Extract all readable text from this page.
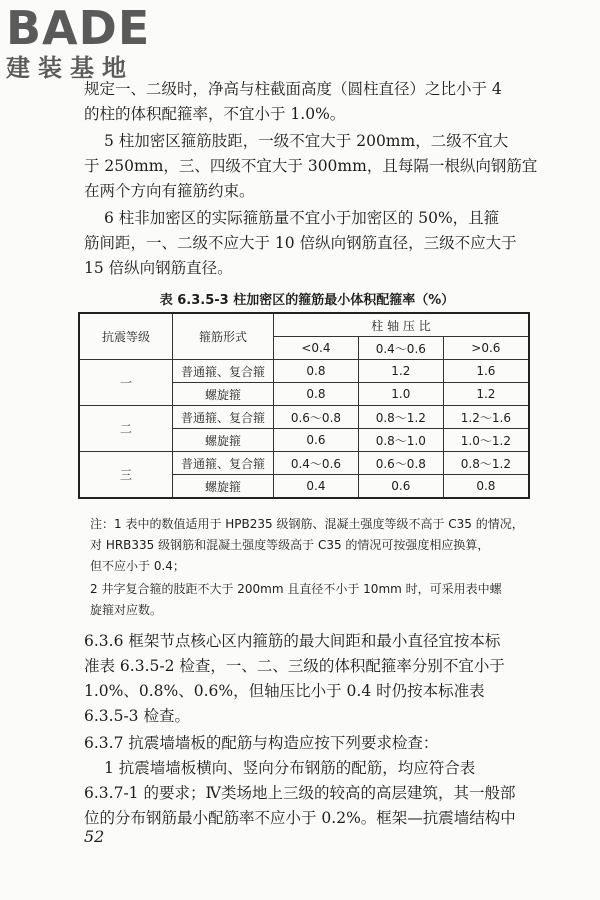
BADE
建装基地
规定一、二级时，净高与柱截面高度（圆柱直径）之比小于 4
的柱的体积配箍率，不宜小于 1.0%。
5 柱加密区箍筋肢距，一级不宜大于 200mm，二级不宜大
于 250mm，三、四级不宜大于 300mm，且每隔一根纵向钢筋宜
在两个方向有箍筋约束。
6 柱非加密区的实际箍筋量不宜小于加密区的 50%，且箍
筋间距，一、二级不应大于 10 倍纵向钢筋直径，三级不应大于
15 倍纵向钢筋直径。
表 6.3.5-3 柱加密区的箍筋最小体积配箍率（%）
抗震等级	箍筋形式	柱 轴 压 比		
		<0.4	0.4～0.6	>0.6
一	普通箍、复合箍	0.8	1.2	1.6
	螺旋箍	0.8	1.0	1.2
二	普通箍、复合箍	0.6～0.8	0.8～1.2	1.2～1.6
	螺旋箍	0.6	0.8～1.0	1.0～1.2
三	普通箍、复合箍	0.4～0.6	0.6～0.8	0.8～1.2
	螺旋箍	0.4	0.6	0.8
注：1 表中的数值适用于 HPB235 级钢筋、混凝土强度等级不高于 C35 的情况，
对 HRB335 级钢筋和混凝土强度等级高于 C35 的情况可按强度相应换算，
但不应小于 0.4；
2 井字复合箍的肢距不大于 200mm 且直径不小于 10mm 时，可采用表中螺
旋箍对应数。
6.3.6 框架节点核心区内箍筋的最大间距和最小直径宜按本标
准表 6.3.5-2 检查，一、二、三级的体积配箍率分别不宜小于
1.0%、0.8%、0.6%，但轴压比小于 0.4 时仍按本标准表
6.3.5-3 检查。
6.3.7 抗震墙墙板的配筋与构造应按下列要求检查：
1 抗震墙墙板横向、竖向分布钢筋的配筋，均应符合表
6.3.7-1 的要求；Ⅳ类场地上三级的较高的高层建筑，其一般部
位的分布钢筋最小配筋率不应小于 0.2%。框架—抗震墙结构中
52
